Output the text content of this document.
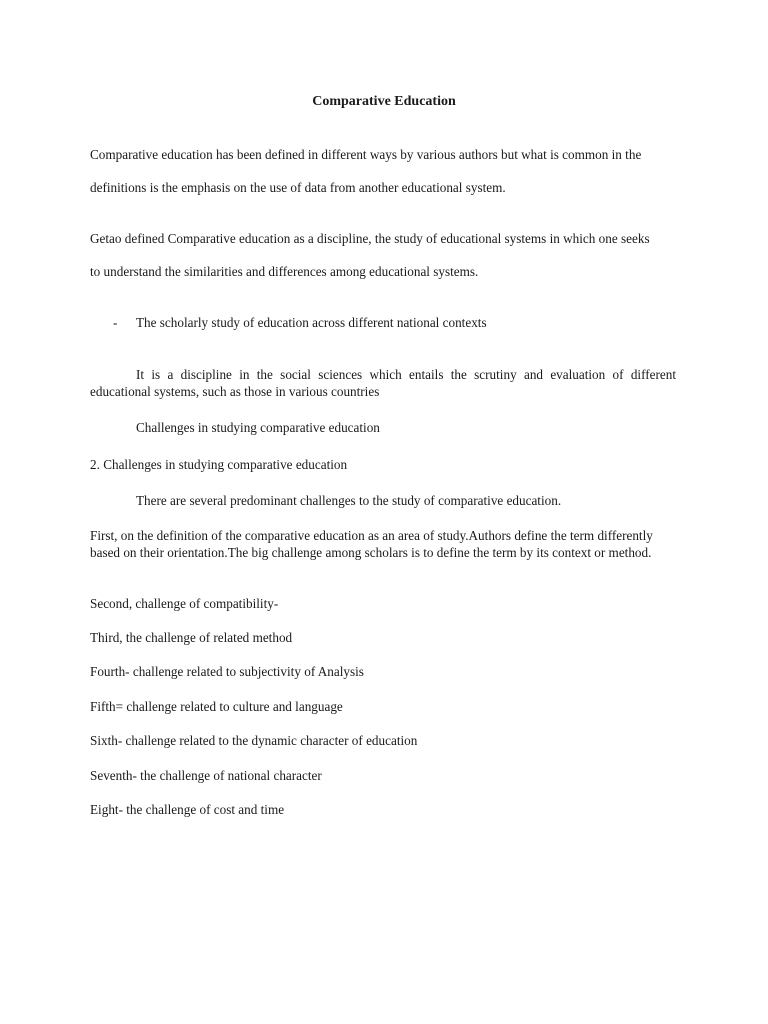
Comparative Education

Comparative education has been defined in different ways by various authors but what is common in the

definitions is the emphasis on the use of data from another educational system.

Getao defined Comparative education as a discipline, the study of educational systems in which one seeks

to understand the similarities and differences among educational systems.

- The scholarly study of education across different national contexts

It is a discipline in the social sciences which entails the scrutiny and evaluation of different educational systems, such as those in various countries

Challenges in studying comparative education

2. Challenges in studying comparative education

There are several predominant challenges to the study of comparative education.

First, on the definition of the comparative education as an area of study.Authors define the term differently based on their orientation.The big challenge among scholars is to define the term by its context or method.

Second, challenge of compatibility-

Third, the challenge of related method

Fourth- challenge related to subjectivity of Analysis

Fifth= challenge related to culture and language

Sixth- challenge related to the dynamic character of education

Seventh- the challenge of national character

Eight- the challenge of cost and time
